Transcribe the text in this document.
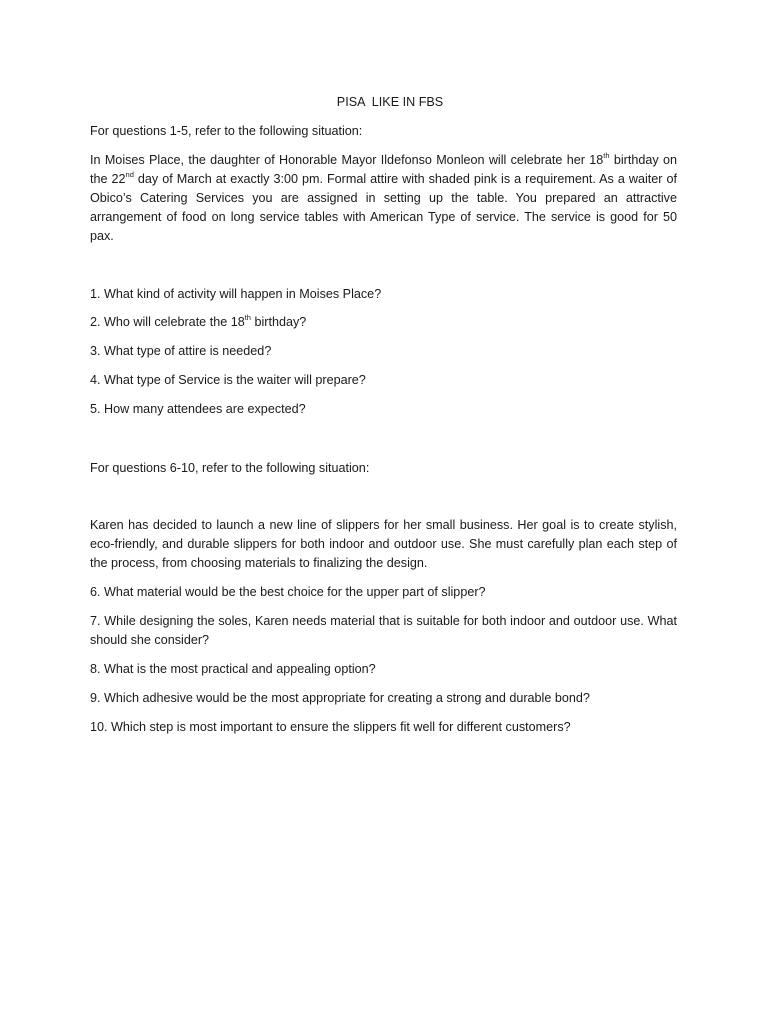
PISA  LIKE IN FBS
For questions 1-5, refer to the following situation:
In Moises Place, the daughter of Honorable Mayor Ildefonso Monleon will celebrate her 18th birthday on the 22nd day of March at exactly 3:00 pm. Formal attire with shaded pink is a requirement. As a waiter of Obico’s Catering Services you are assigned in setting up the table. You prepared an attractive arrangement of food on long service tables with American Type of service. The service is good for 50 pax.
1. What kind of activity will happen in Moises Place?
2. Who will celebrate the 18th birthday?
3. What type of attire is needed?
4. What type of Service is the waiter will prepare?
5. How many attendees are expected?
For questions 6-10, refer to the following situation:
Karen has decided to launch a new line of slippers for her small business. Her goal is to create stylish, eco-friendly, and durable slippers for both indoor and outdoor use. She must carefully plan each step of the process, from choosing materials to finalizing the design.
6. What material would be the best choice for the upper part of slipper?
7. While designing the soles, Karen needs material that is suitable for both indoor and outdoor use. What should she consider?
8. What is the most practical and appealing option?
9. Which adhesive would be the most appropriate for creating a strong and durable bond?
10. Which step is most important to ensure the slippers fit well for different customers?
